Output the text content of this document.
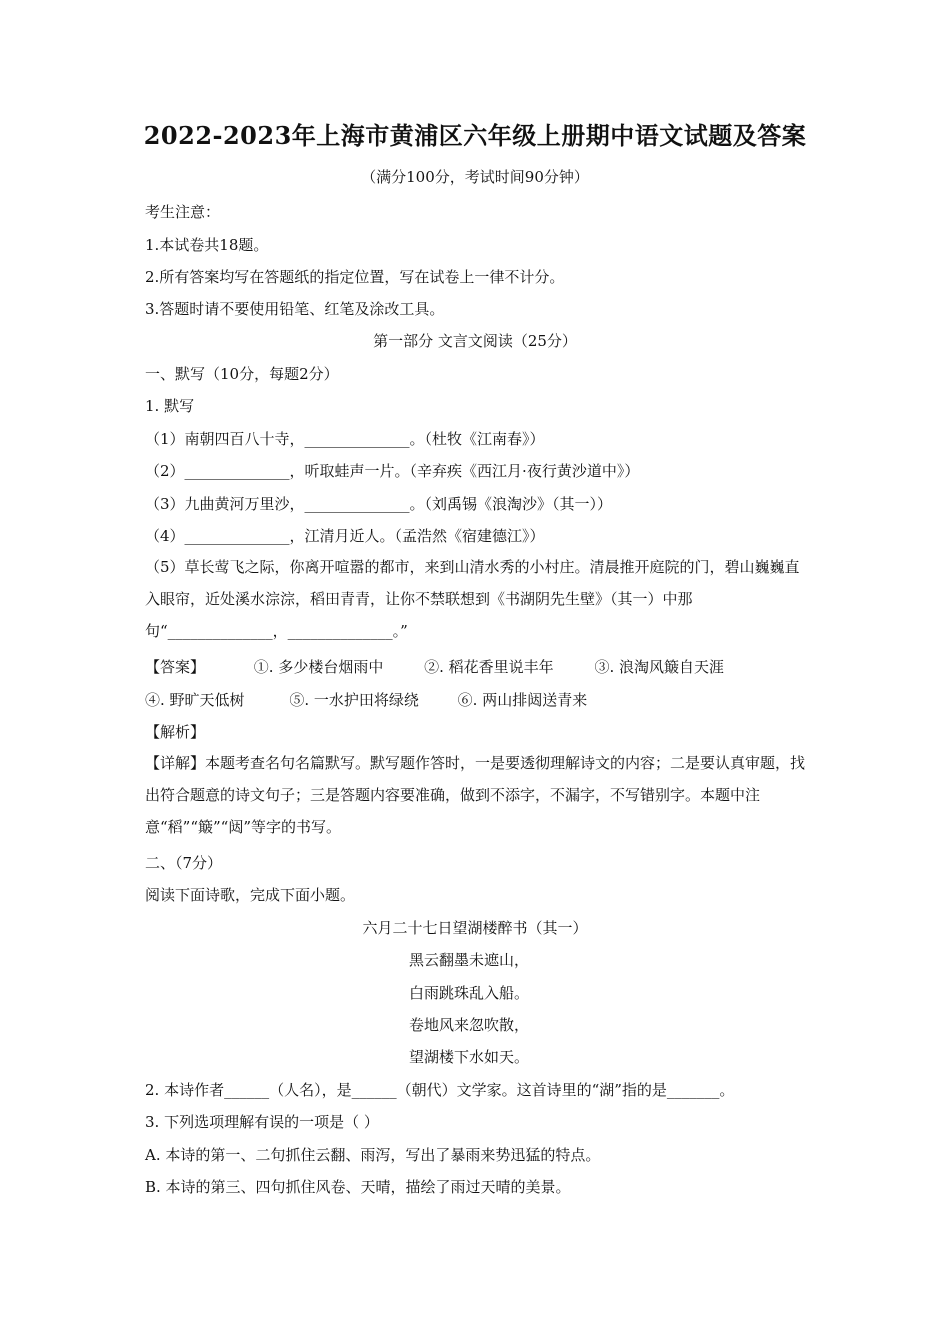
2022-2023年上海市黄浦区六年级上册期中语文试题及答案
（满分100分，考试时间90分钟）
考生注意：
1.本试卷共18题。
2.所有答案均写在答题纸的指定位置，写在试卷上一律不计分。
3.答题时请不要使用铅笔、红笔及涂改工具。
第一部分 文言文阅读（25分）
一、默写（10分，每题2分）
1. 默写
（1）南朝四百八十寺，______________。（杜牧《江南春》）
（2）______________，听取蛙声一片。（辛弃疾《西江月·夜行黄沙道中》）
（3）九曲黄河万里沙，______________。（刘禹锡《浪淘沙》（其一））
（4）______________，江清月近人。（孟浩然《宿建德江》）
（5）草长莺飞之际，你离开喧嚣的都市，来到山清水秀的小村庄。清晨推开庭院的门，碧山巍巍直入眼帘，近处溪水淙淙，稻田青青，让你不禁联想到《书湖阴先生壁》（其一）中那句“______________，______________。”
【答案】	①. 多少楼台烟雨中	②. 稻花香里说丰年	③. 浪淘风簸自天涯
④. 野旷天低树	⑤. 一水护田将绿绕	⑥. 两山排闼送青来
【解析】
【详解】本题考查名句名篇默写。默写题作答时，一是要透彻理解诗文的内容；二是要认真审题，找出符合题意的诗文句子；三是答题内容要准确，做到不添字，不漏字，不写错别字。本题中注意“稻”“簸”“闼”等字的书写。
二、（7分）
阅读下面诗歌，完成下面小题。
六月二十七日望湖楼醉书（其一）
黑云翻墨未遮山，
白雨跳珠乱入船。
卷地风来忽吹散，
望湖楼下水如天。
2. 本诗作者______（人名），是______（朝代）文学家。这首诗里的“湖”指的是_______。
3. 下列选项理解有误的一项是（ ）
A. 本诗的第一、二句抓住云翻、雨泻，写出了暴雨来势迅猛的特点。
B. 本诗的第三、四句抓住风卷、天晴，描绘了雨过天晴的美景。
